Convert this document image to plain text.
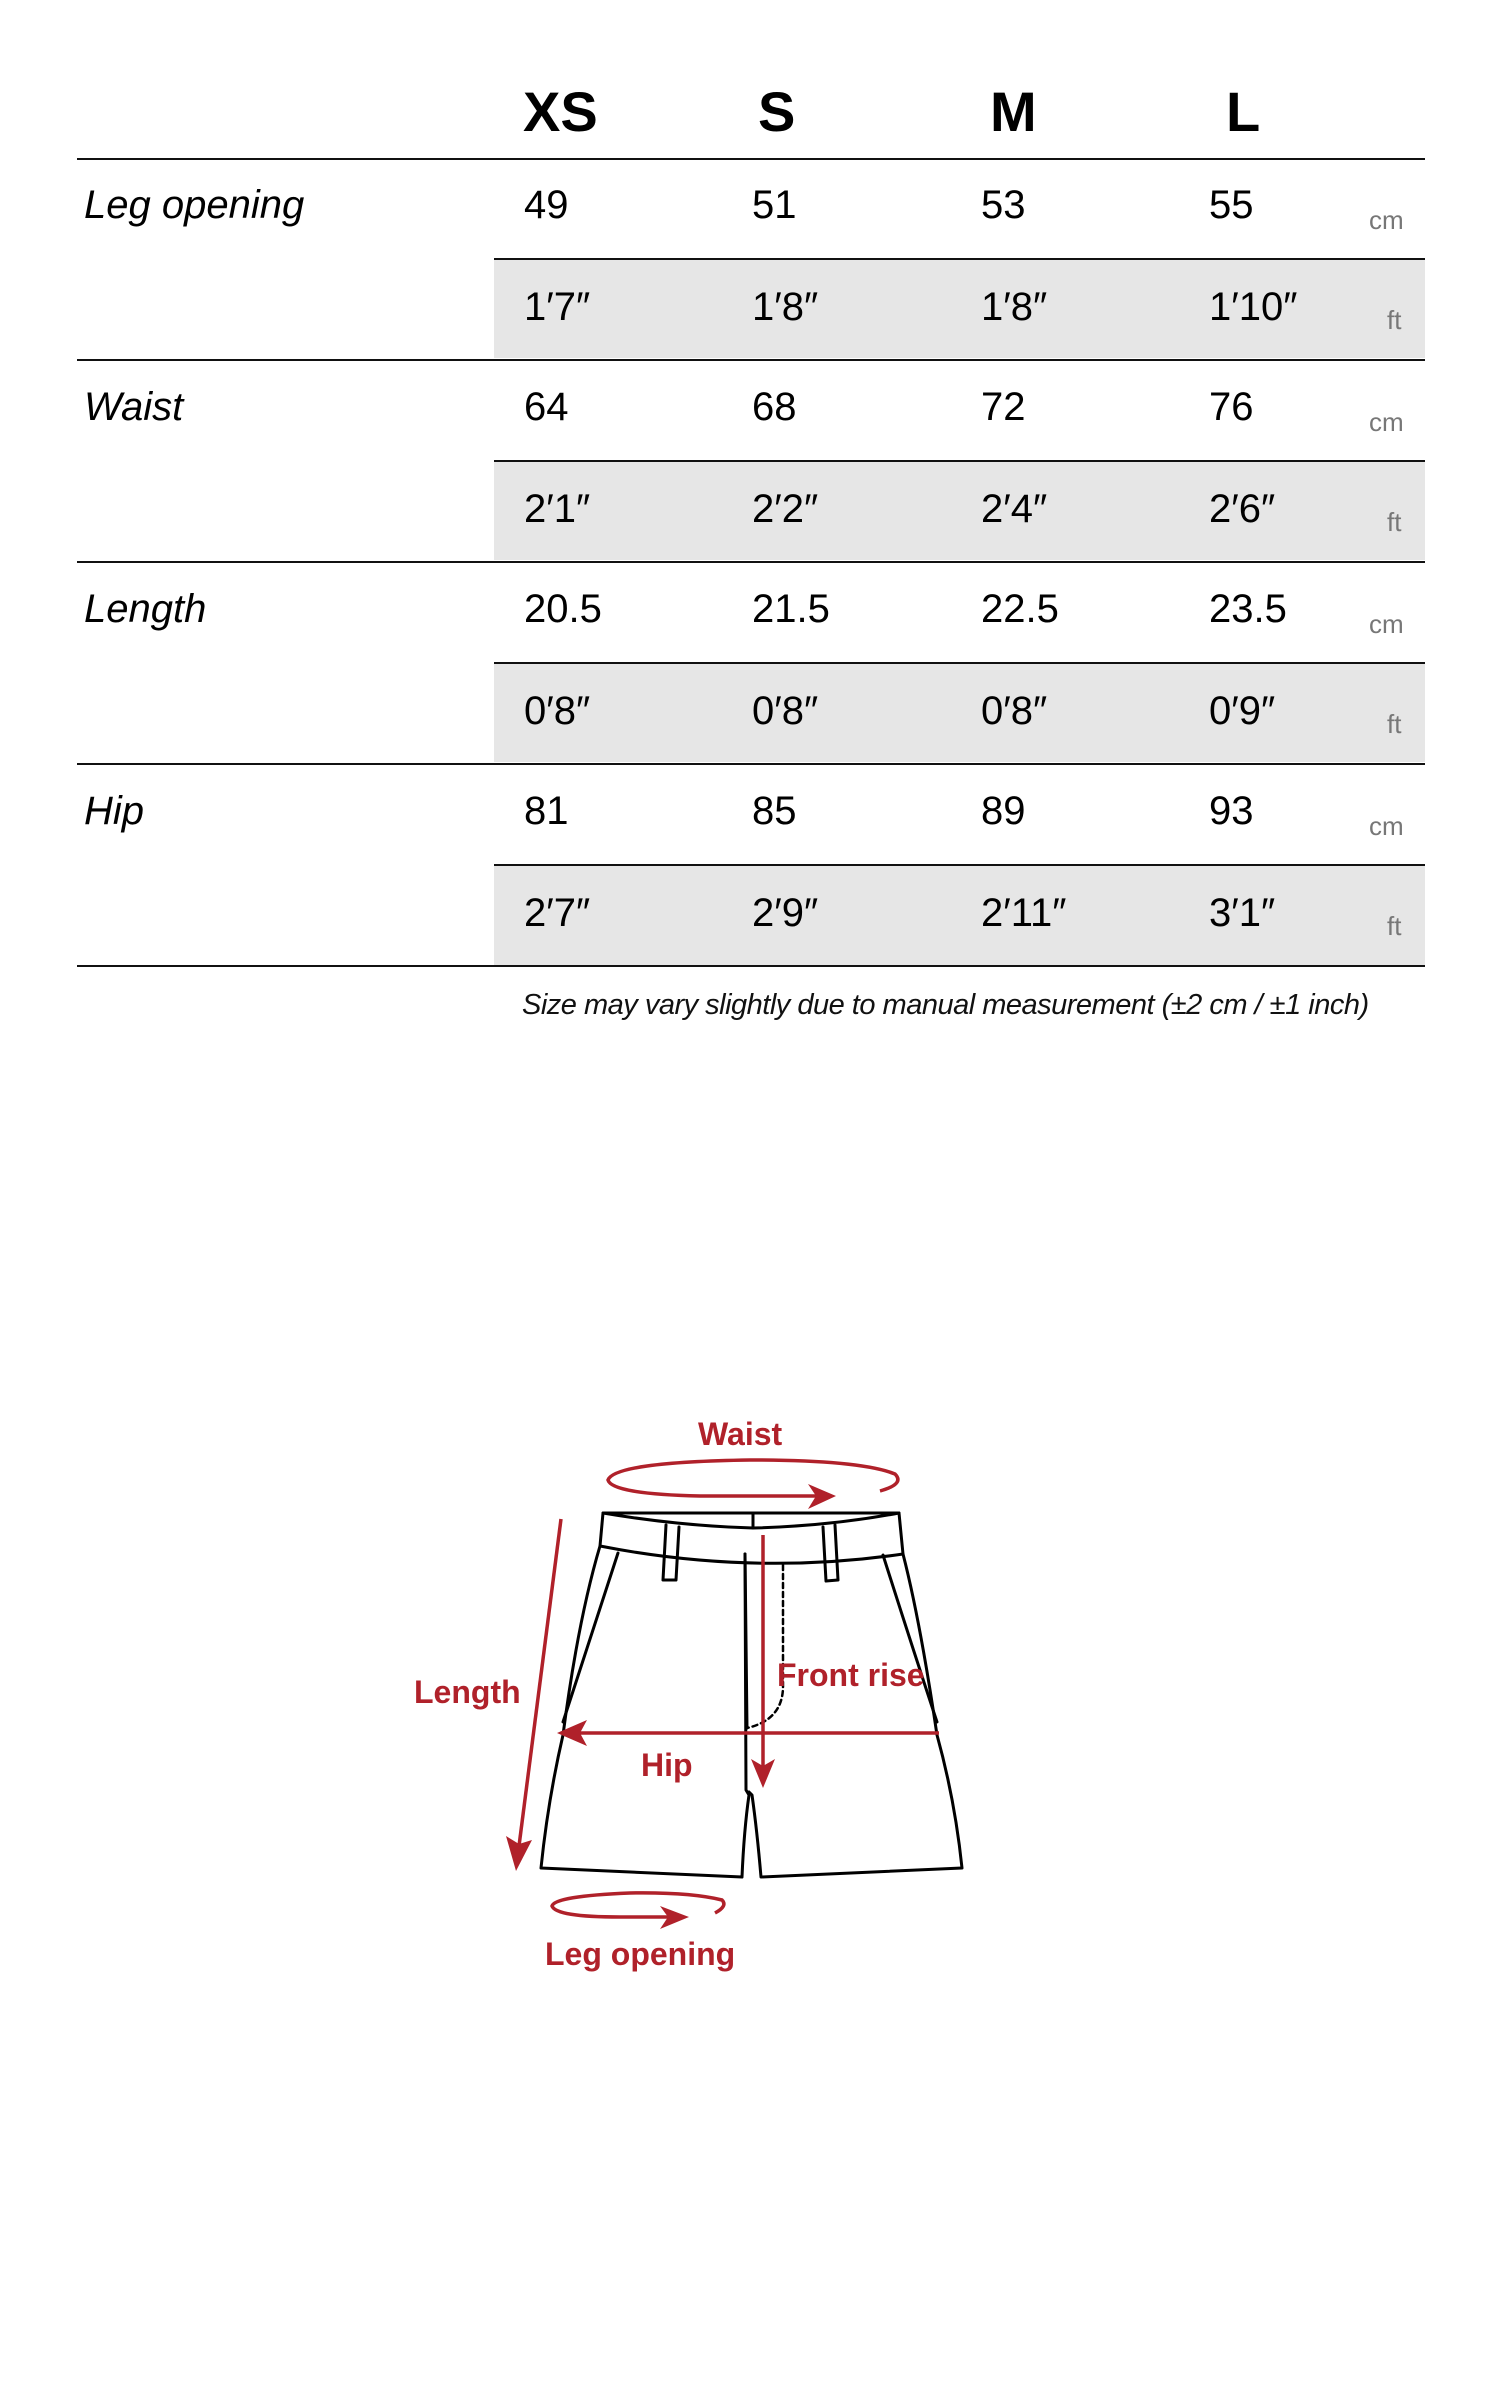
XS	S	M	L
Leg opening	49	51	53	55	cm
1′7″	1′8″	1′8″	1′10″	ft
Waist	64	68	72	76	cm
2′1″	2′2″	2′4″	2′6″	ft
Length	20.5	21.5	22.5	23.5	cm
0′8″	0′8″	0′8″	0′9″	ft
Hip	81	85	89	93	cm
2′7″	2′9″	2′11″	3′1″	ft
Size may vary slightly due to manual measurement (±2 cm / ±1 inch)
Waist
Length	Front rise
Hip
Leg opening
